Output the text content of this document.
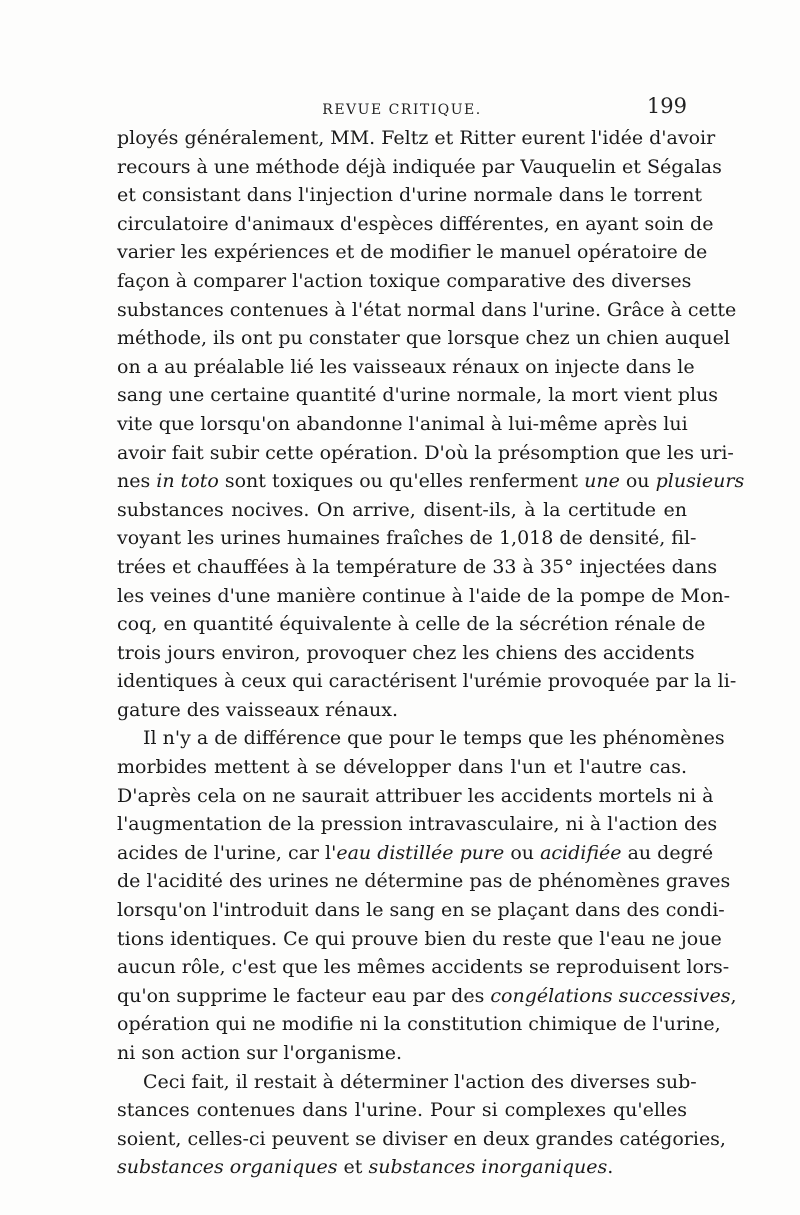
REVUE CRITIQUE.	199
ployés généralement, MM. Feltz et Ritter eurent l'idée d'avoir
recours à une méthode déjà indiquée par Vauquelin et Ségalas
et consistant dans l'injection d'urine normale dans le torrent
circulatoire d'animaux d'espèces différentes, en ayant soin de
varier les expériences et de modifier le manuel opératoire de
façon à comparer l'action toxique comparative des diverses
substances contenues à l'état normal dans l'urine. Grâce à cette
méthode, ils ont pu constater que lorsque chez un chien auquel
on a au préalable lié les vaisseaux rénaux on injecte dans le
sang une certaine quantité d'urine normale, la mort vient plus
vite que lorsqu'on abandonne l'animal à lui-même après lui
avoir fait subir cette opération. D'où la présomption que les uri-
nes in toto sont toxiques ou qu'elles renferment une ou plusieurs
substances nocives. On arrive, disent-ils, à la certitude en
voyant les urines humaines fraîches de 1,018 de densité, fil-
trées et chauffées à la température de 33 à 35° injectées dans
les veines d'une manière continue à l'aide de la pompe de Mon-
coq, en quantité équivalente à celle de la sécrétion rénale de
trois jours environ, provoquer chez les chiens des accidents
identiques à ceux qui caractérisent l'urémie provoquée par la li-
gature des vaisseaux rénaux.
Il n'y a de différence que pour le temps que les phénomènes
morbides mettent à se développer dans l'un et l'autre cas.
D'après cela on ne saurait attribuer les accidents mortels ni à
l'augmentation de la pression intravasculaire, ni à l'action des
acides de l'urine, car l'eau distillée pure ou acidifiée au degré
de l'acidité des urines ne détermine pas de phénomènes graves
lorsqu'on l'introduit dans le sang en se plaçant dans des condi-
tions identiques. Ce qui prouve bien du reste que l'eau ne joue
aucun rôle, c'est que les mêmes accidents se reproduisent lors-
qu'on supprime le facteur eau par des congélations successives,
opération qui ne modifie ni la constitution chimique de l'urine,
ni son action sur l'organisme.
Ceci fait, il restait à déterminer l'action des diverses sub-
stances contenues dans l'urine. Pour si complexes qu'elles
soient, celles-ci peuvent se diviser en deux grandes catégories,
substances organiques et substances inorganiques.
